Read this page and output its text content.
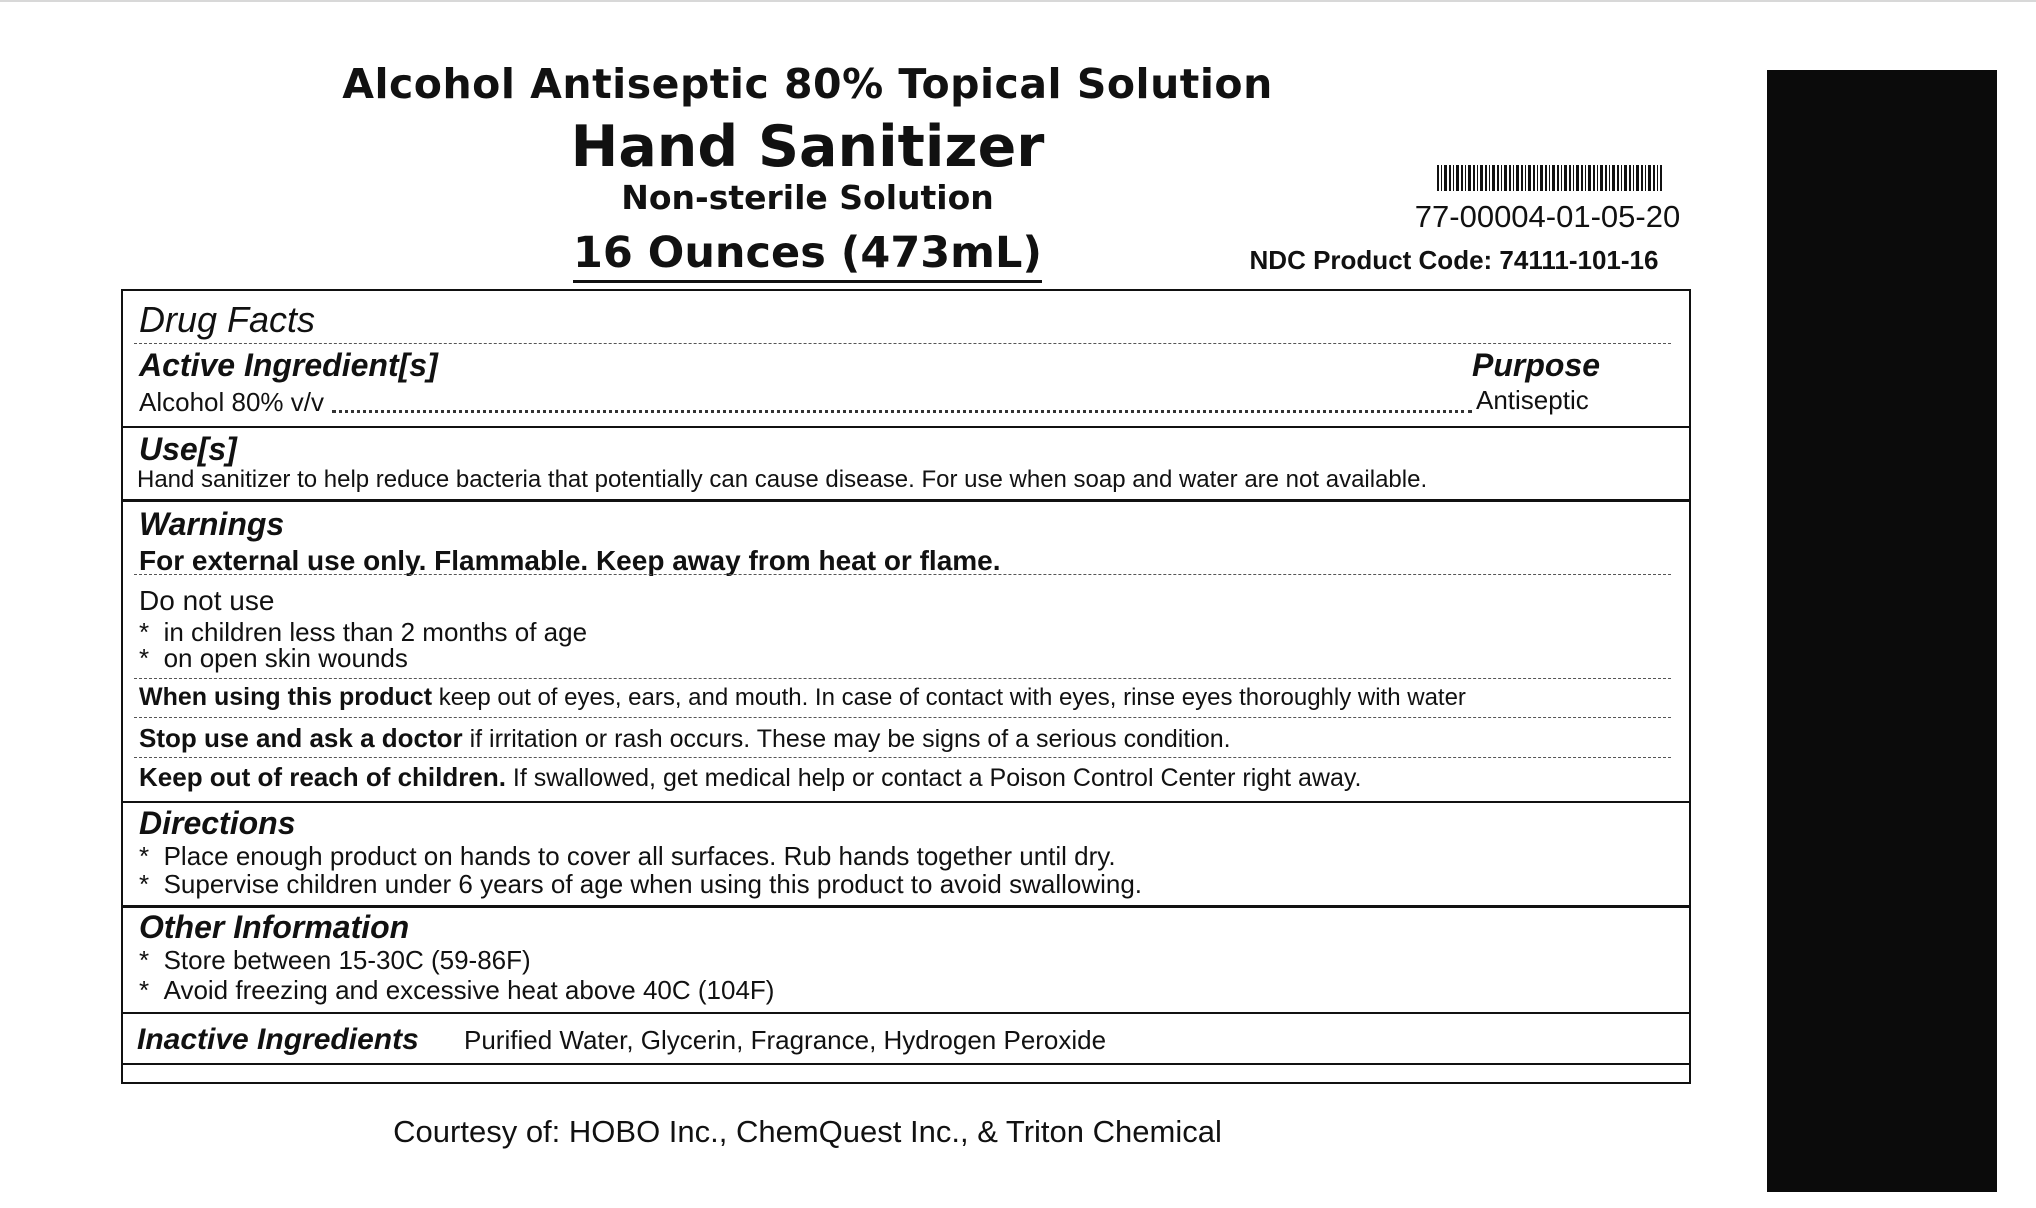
Alcohol Antiseptic 80% Topical Solution
Hand Sanitizer
Non-sterile Solution
16 Ounces (473mL)
77-00004-01-05-20
NDC Product Code: 74111-101-16
Drug Facts
Active Ingredient[s]	Purpose
Alcohol 80% v/v	Antiseptic
Use[s]
Hand sanitizer to help reduce bacteria that potentially can cause disease. For use when soap and water are not available.
Warnings
For external use only. Flammable. Keep away from heat or flame.
Do not use
*  in children less than 2 months of age
*  on open skin wounds
When using this product keep out of eyes, ears, and mouth. In case of contact with eyes, rinse eyes thoroughly with water
Stop use and ask a doctor if irritation or rash occurs. These may be signs of a serious condition.
Keep out of reach of children. If swallowed, get medical help or contact a Poison Control Center right away.
Directions
*  Place enough product on hands to cover all surfaces. Rub hands together until dry.
*  Supervise children under 6 years of age when using this product to avoid swallowing.
Other Information
*  Store between 15-30C (59-86F)
*  Avoid freezing and excessive heat above 40C (104F)
Inactive Ingredients Purified Water, Glycerin, Fragrance, Hydrogen Peroxide
Courtesy of: HOBO Inc., ChemQuest Inc., & Triton Chemical
